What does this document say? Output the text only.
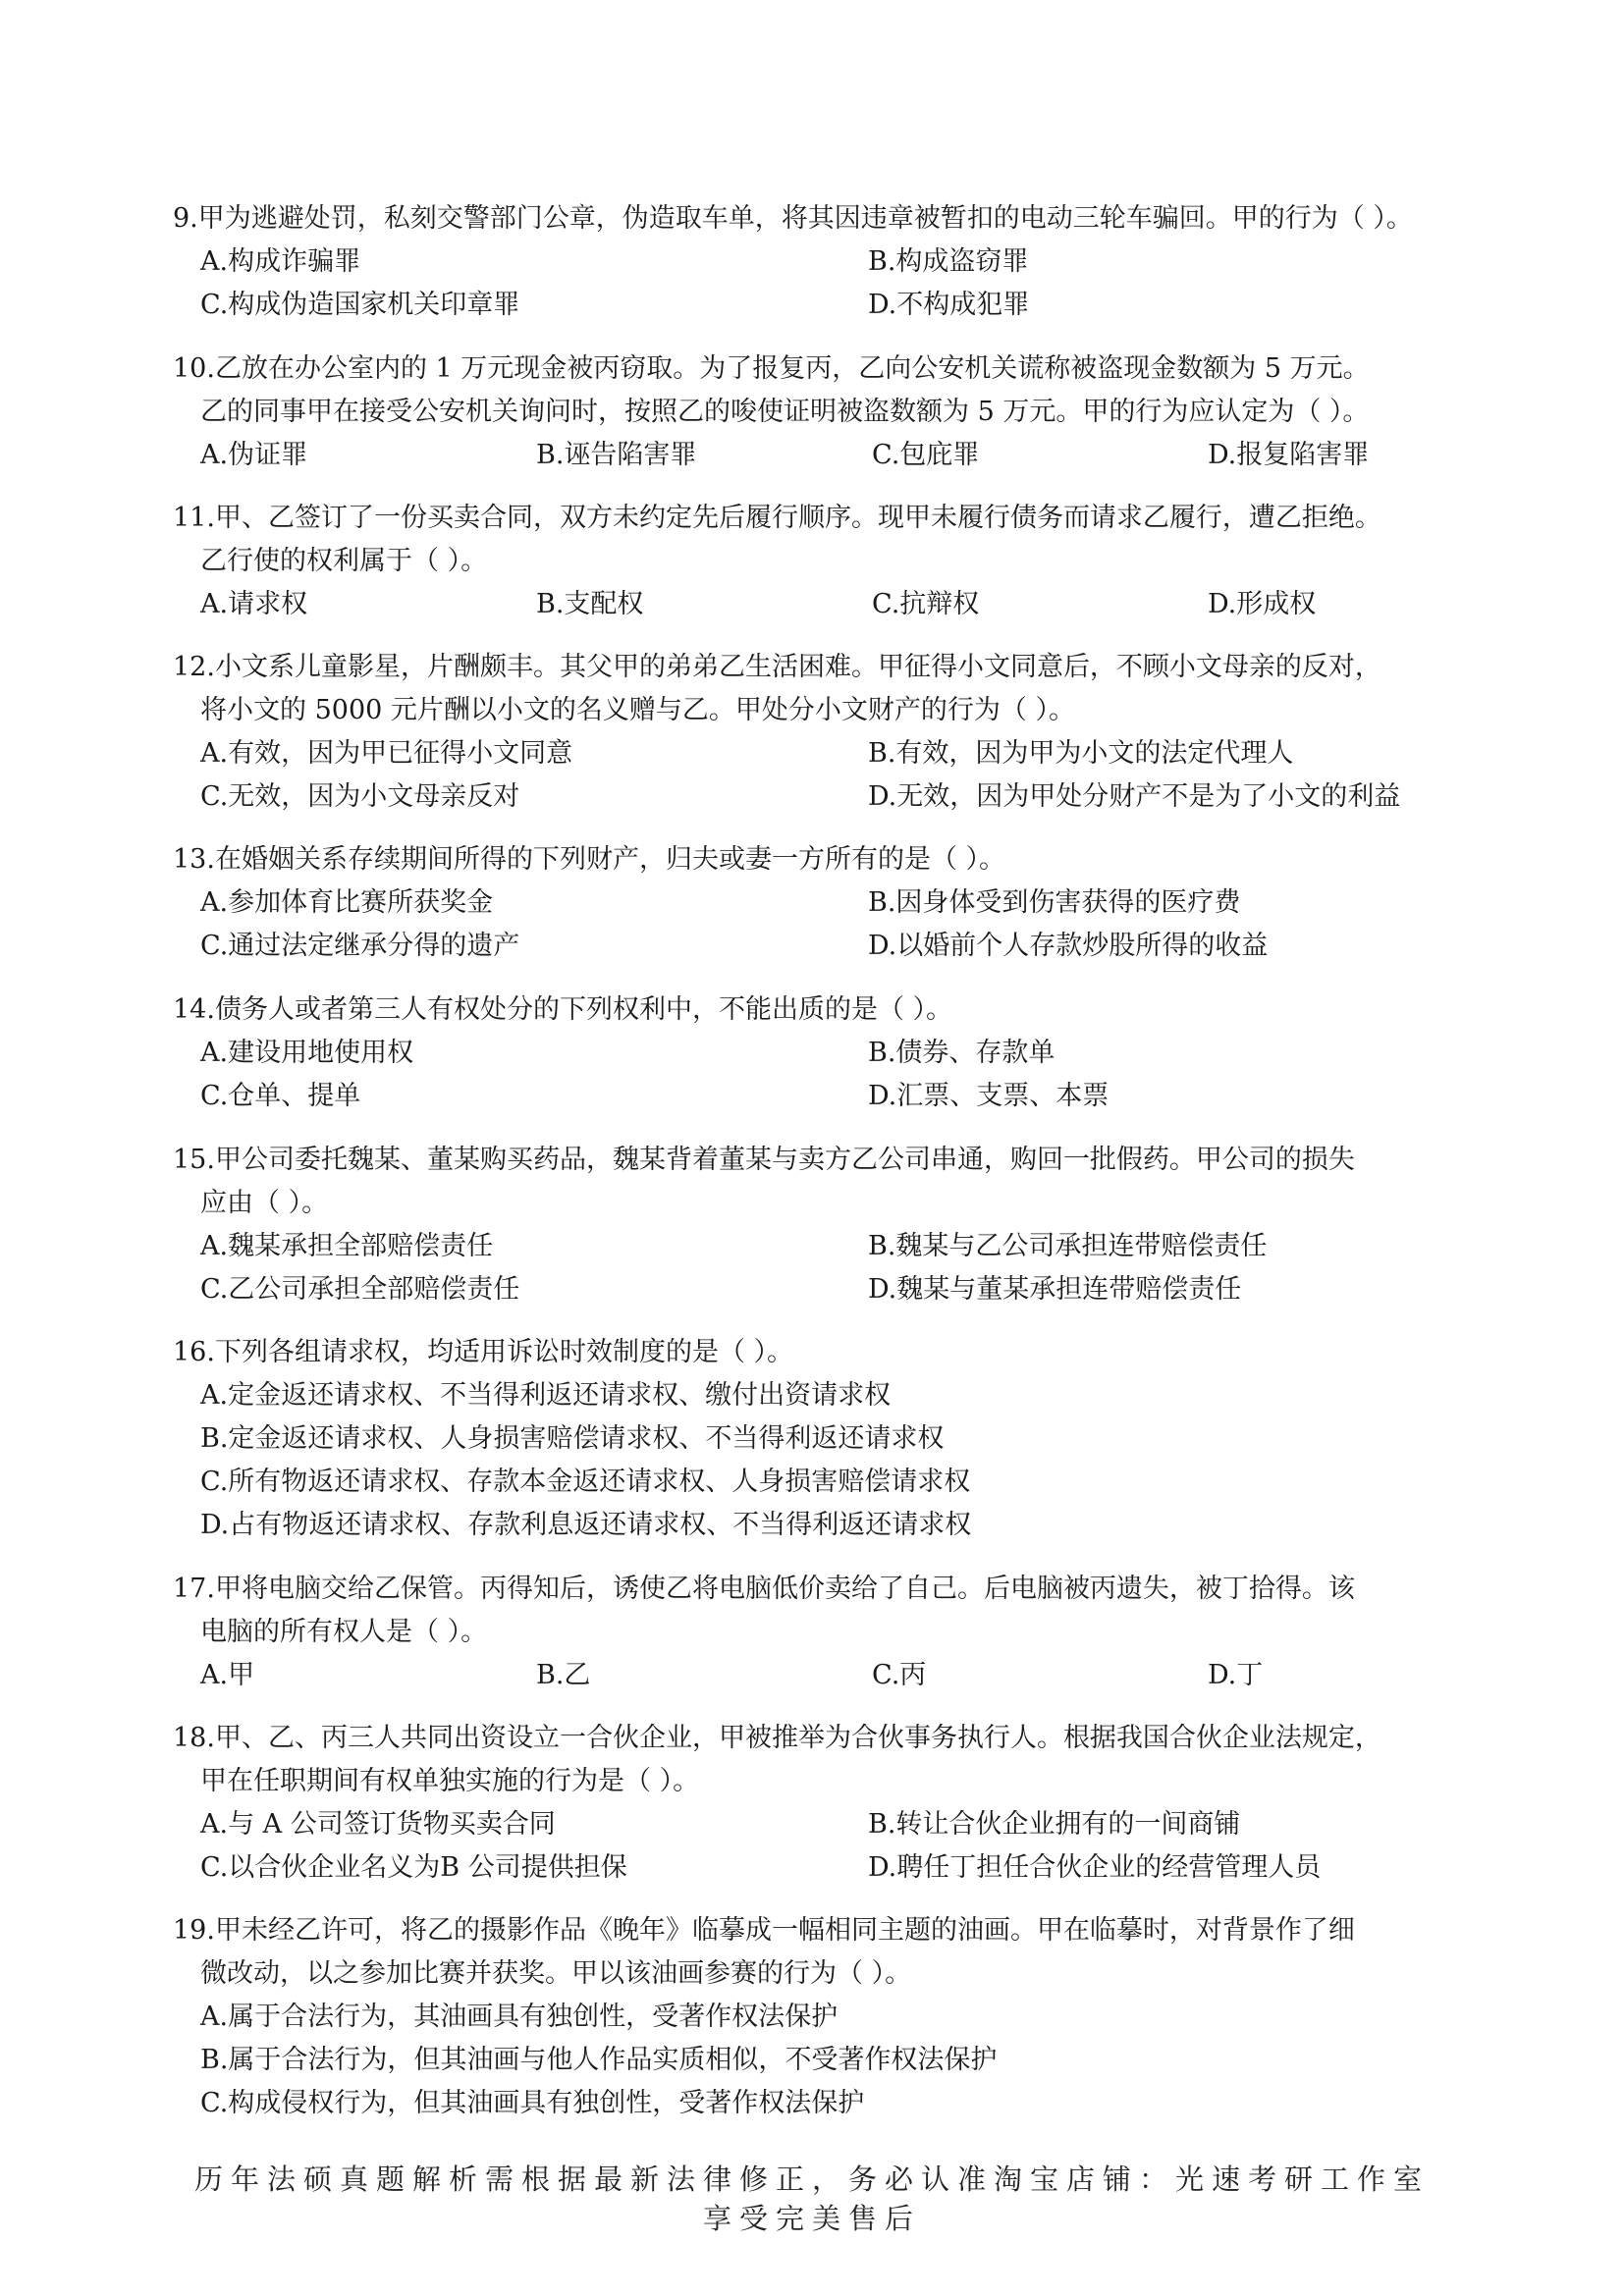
9.甲为逃避处罚，私刻交警部门公章，伪造取车单，将其因违章被暂扣的电动三轮车骗回。甲的行为（ ）。
A.构成诈骗罪	B.构成盗窃罪
C.构成伪造国家机关印章罪	D.不构成犯罪
10.乙放在办公室内的 1 万元现金被丙窃取。为了报复丙，乙向公安机关谎称被盗现金数额为 5 万元。
乙的同事甲在接受公安机关询问时，按照乙的唆使证明被盗数额为 5 万元。甲的行为应认定为（ ）。
A.伪证罪	B.诬告陷害罪	C.包庇罪	D.报复陷害罪
11.甲、乙签订了一份买卖合同，双方未约定先后履行顺序。现甲未履行债务而请求乙履行，遭乙拒绝。
乙行使的权利属于（ ）。
A.请求权	B.支配权	C.抗辩权	D.形成权
12.小文系儿童影星，片酬颇丰。其父甲的弟弟乙生活困难。甲征得小文同意后，不顾小文母亲的反对，
将小文的 5000 元片酬以小文的名义赠与乙。甲处分小文财产的行为（ ）。
A.有效，因为甲已征得小文同意	B.有效，因为甲为小文的法定代理人
C.无效，因为小文母亲反对	D.无效，因为甲处分财产不是为了小文的利益
13.在婚姻关系存续期间所得的下列财产，归夫或妻一方所有的是（ ）。
A.参加体育比赛所获奖金	B.因身体受到伤害获得的医疗费
C.通过法定继承分得的遗产	D.以婚前个人存款炒股所得的收益
14.债务人或者第三人有权处分的下列权利中，不能出质的是（ ）。
A.建设用地使用权	B.债券、存款单
C.仓单、提单	D.汇票、支票、本票
15.甲公司委托魏某、董某购买药品，魏某背着董某与卖方乙公司串通，购回一批假药。甲公司的损失
应由（ ）。
A.魏某承担全部赔偿责任	B.魏某与乙公司承担连带赔偿责任
C.乙公司承担全部赔偿责任	D.魏某与董某承担连带赔偿责任
16.下列各组请求权，均适用诉讼时效制度的是（ ）。
A.定金返还请求权、不当得利返还请求权、缴付出资请求权
B.定金返还请求权、人身损害赔偿请求权、不当得利返还请求权
C.所有物返还请求权、存款本金返还请求权、人身损害赔偿请求权
D.占有物返还请求权、存款利息返还请求权、不当得利返还请求权
17.甲将电脑交给乙保管。丙得知后，诱使乙将电脑低价卖给了自己。后电脑被丙遗失，被丁拾得。该
电脑的所有权人是（ ）。
A.甲	B.乙	C.丙	D.丁
18.甲、乙、丙三人共同出资设立一合伙企业，甲被推举为合伙事务执行人。根据我国合伙企业法规定，
甲在任职期间有权单独实施的行为是（ ）。
A.与 A 公司签订货物买卖合同	B.转让合伙企业拥有的一间商铺
C.以合伙企业名义为B 公司提供担保	D.聘任丁担任合伙企业的经营管理人员
19.甲未经乙许可，将乙的摄影作品《晚年》临摹成一幅相同主题的油画。甲在临摹时，对背景作了细
微改动，以之参加比赛并获奖。甲以该油画参赛的行为（ ）。
A.属于合法行为，其油画具有独创性，受著作权法保护
B.属于合法行为，但其油画与他人作品实质相似，不受著作权法保护
C.构成侵权行为，但其油画具有独创性，受著作权法保护
历年法硕真题解析需根据最新法律修正，务必认准淘宝店铺：光速考研工作室
享受完美售后
